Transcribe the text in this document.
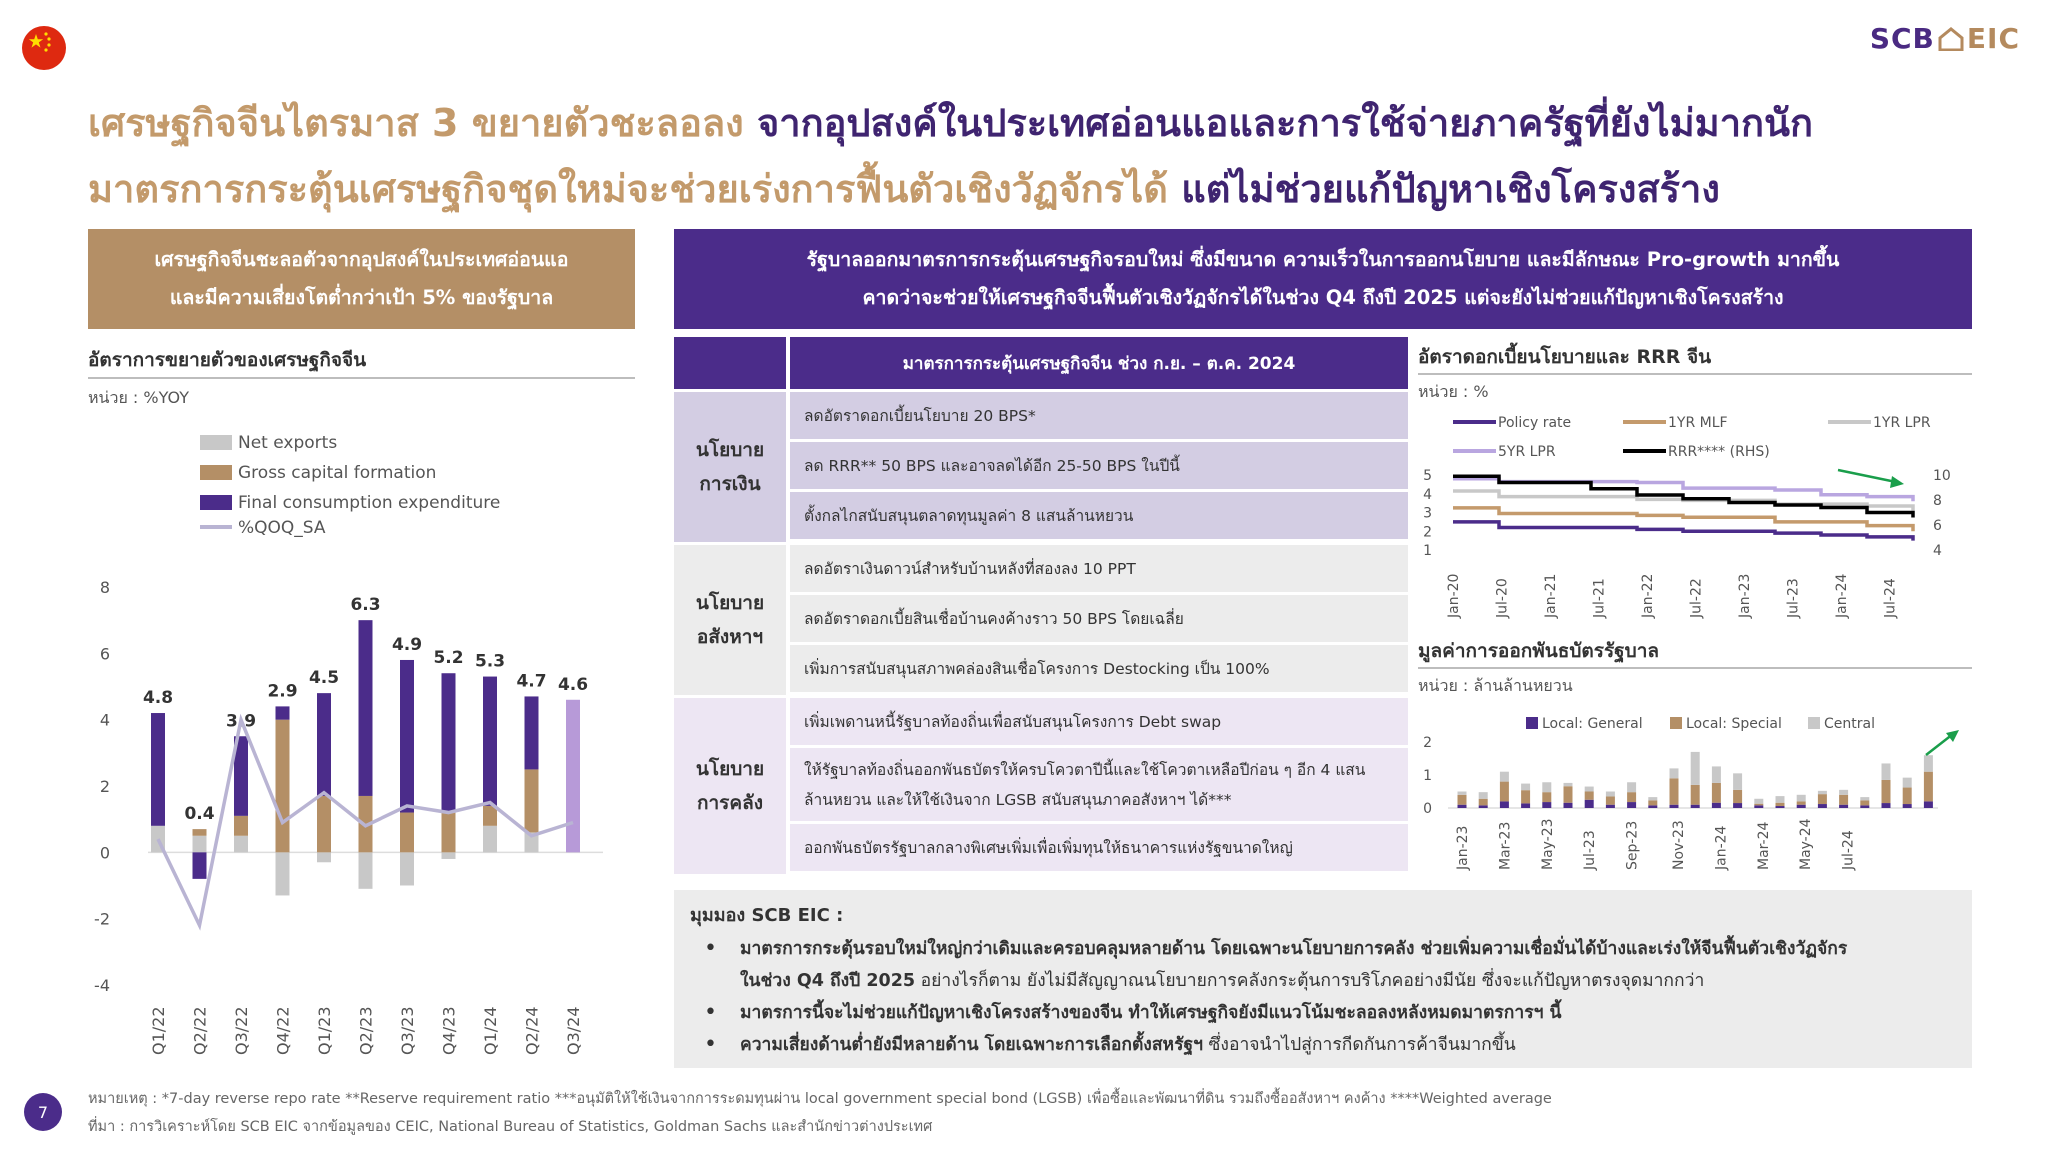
SCB EIC
เศรษฐกิจจีนไตรมาส 3 ขยายตัวชะลอลง จากอุปสงค์ในประเทศอ่อนแอและการใช้จ่ายภาครัฐที่ยังไม่มากนัก
มาตรการกระตุ้นเศรษฐกิจชุดใหม่จะช่วยเร่งการฟื้นตัวเชิงวัฏจักรได้ แต่ไม่ช่วยแก้ปัญหาเชิงโครงสร้าง
เศรษฐกิจจีนชะลอตัวจากอุปสงค์ในประเทศอ่อนแอ
และมีความเสี่ยงโตต่ำกว่าเป้า 5% ของรัฐบาล
รัฐบาลออกมาตรการกระตุ้นเศรษฐกิจรอบใหม่ ซึ่งมีขนาด ความเร็วในการออกนโยบาย และมีลักษณะ Pro-growth มากขึ้น
คาดว่าจะช่วยให้เศรษฐกิจจีนฟื้นตัวเชิงวัฏจักรได้ในช่วง Q4 ถึงปี 2025 แต่จะยังไม่ช่วยแก้ปัญหาเชิงโครงสร้าง
อัตราการขยายตัวของเศรษฐกิจจีน
หน่วย : %YOY
Net exports
Gross capital formation
Final consumption expenditure
%QOQ_SA
8
6
4
2
0
-2
-4
4.8
Q1/22
0.4
Q2/22
3.9
Q3/22
2.9
Q4/22
4.5
Q1/23
6.3
Q2/23
4.9
Q3/23
5.2
Q4/23
5.3
Q1/24
4.7
Q2/24
4.6
Q3/24
มาตรการกระตุ้นเศรษฐกิจจีน ช่วง ก.ย. – ต.ค. 2024
นโยบาย
การเงิน
ลดอัตราดอกเบี้ยนโยบาย 20 BPS*
ลด RRR** 50 BPS และอาจลดได้อีก 25-50 BPS ในปีนี้
ตั้งกลไกสนับสนุนตลาดทุนมูลค่า 8 แสนล้านหยวน
นโยบาย
อสังหาฯ
ลดอัตราเงินดาวน์สำหรับบ้านหลังที่สองลง 10 PPT
ลดอัตราดอกเบี้ยสินเชื่อบ้านคงค้างราว 50 BPS โดยเฉลี่ย
เพิ่มการสนับสนุนสภาพคล่องสินเชื่อโครงการ Destocking เป็น 100%
นโยบาย
การคลัง
เพิ่มเพดานหนี้รัฐบาลท้องถิ่นเพื่อสนับสนุนโครงการ Debt swap
ให้รัฐบาลท้องถิ่นออกพันธบัตรให้ครบโควตาปีนี้และใช้โควตาเหลือปีก่อน ๆ อีก 4 แสน
ล้านหยวน และให้ใช้เงินจาก LGSB สนับสนุนภาคอสังหาฯ ได้***
ออกพันธบัตรรัฐบาลกลางพิเศษเพิ่มเพื่อเพิ่มทุนให้ธนาคารแห่งรัฐขนาดใหญ่
อัตราดอกเบี้ยนโยบายและ RRR จีน
หน่วย : %
Policy rate	1YR MLF	1YR LPR
5YR LPR	RRR**** (RHS)
5
4
3
2
1
10
8
6
4
Jan-20 Jul-20 Jan-21 Jul-21 Jan-22 Jul-22 Jan-23 Jul-23 Jan-24 Jul-24
มูลค่าการออกพันธบัตรรัฐบาล
หน่วย : ล้านล้านหยวน
Local: General	Local: Special	Central
2
1
0
Jan-23 Mar-23 May-23 Jul-23 Sep-23 Nov-23 Jan-24 Mar-24 May-24 Jul-24
มุมมอง SCB EIC :
• มาตรการกระตุ้นรอบใหม่ใหญ่กว่าเดิมและครอบคลุมหลายด้าน โดยเฉพาะนโยบายการคลัง ช่วยเพิ่มความเชื่อมั่นได้บ้างและเร่งให้จีนฟื้นตัวเชิงวัฏจักร
ในช่วง Q4 ถึงปี 2025 อย่างไรก็ตาม ยังไม่มีสัญญาณนโยบายการคลังกระตุ้นการบริโภคอย่างมีนัย ซึ่งจะแก้ปัญหาตรงจุดมากกว่า
• มาตรการนี้จะไม่ช่วยแก้ปัญหาเชิงโครงสร้างของจีน ทำให้เศรษฐกิจยังมีแนวโน้มชะลอลงหลังหมดมาตรการฯ นี้
• ความเสี่ยงด้านต่ำยังมีหลายด้าน โดยเฉพาะการเลือกตั้งสหรัฐฯ ซึ่งอาจนำไปสู่การกีดกันการค้าจีนมากขึ้น
7
หมายเหตุ : *7-day reverse repo rate **Reserve requirement ratio ***อนุมัติให้ใช้เงินจากการระดมทุนผ่าน local government special bond (LGSB) เพื่อซื้อและพัฒนาที่ดิน รวมถึงซื้ออสังหาฯ คงค้าง ****Weighted average
ที่มา : การวิเคราะห์โดย SCB EIC จากข้อมูลของ CEIC, National Bureau of Statistics, Goldman Sachs และสำนักข่าวต่างประเทศ
